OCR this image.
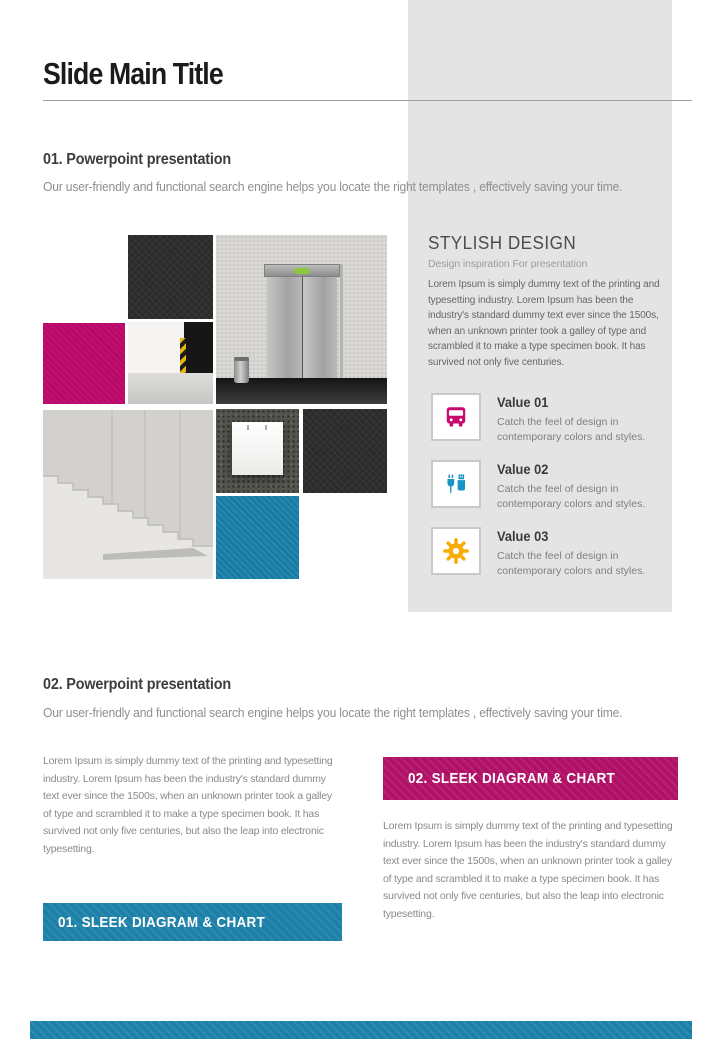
Slide Main Title
01. Powerpoint presentation
Our user-friendly and functional search engine helps you locate the right templates , effectively saving your time.
STYLISH DESIGN
Design inspiration For presentation
Lorem Ipsum is simply dummy text of the printing and typesetting industry. Lorem Ipsum has been the industry's standard dummy text ever since the 1500s, when an unknown printer took a galley of type and scrambled it to make a type specimen book. It has survived not only five centuries.
Value 01
Catch the feel of design in contemporary colors and styles.
Value 02
Catch the feel of design in contemporary colors and styles.
Value 03
Catch the feel of design in contemporary colors and styles.
02. Powerpoint presentation
Our user-friendly and functional search engine helps you locate the right templates , effectively saving your time.
Lorem Ipsum is simply dummy text of the printing and typesetting industry. Lorem Ipsum has been the industry's standard dummy text ever since the 1500s, when an unknown printer took a galley of type and scrambled it to make a type specimen book. It has survived not only five centuries, but also the leap into electronic typesetting.
02. SLEEK DIAGRAM & CHART
Lorem Ipsum is simply dummy text of the printing and typesetting industry. Lorem Ipsum has been the industry's standard dummy text ever since the 1500s, when an unknown printer took a galley of type and scrambled it to make a type specimen book. It has survived not only five centuries, but also the leap into electronic typesetting.
01. SLEEK DIAGRAM & CHART
